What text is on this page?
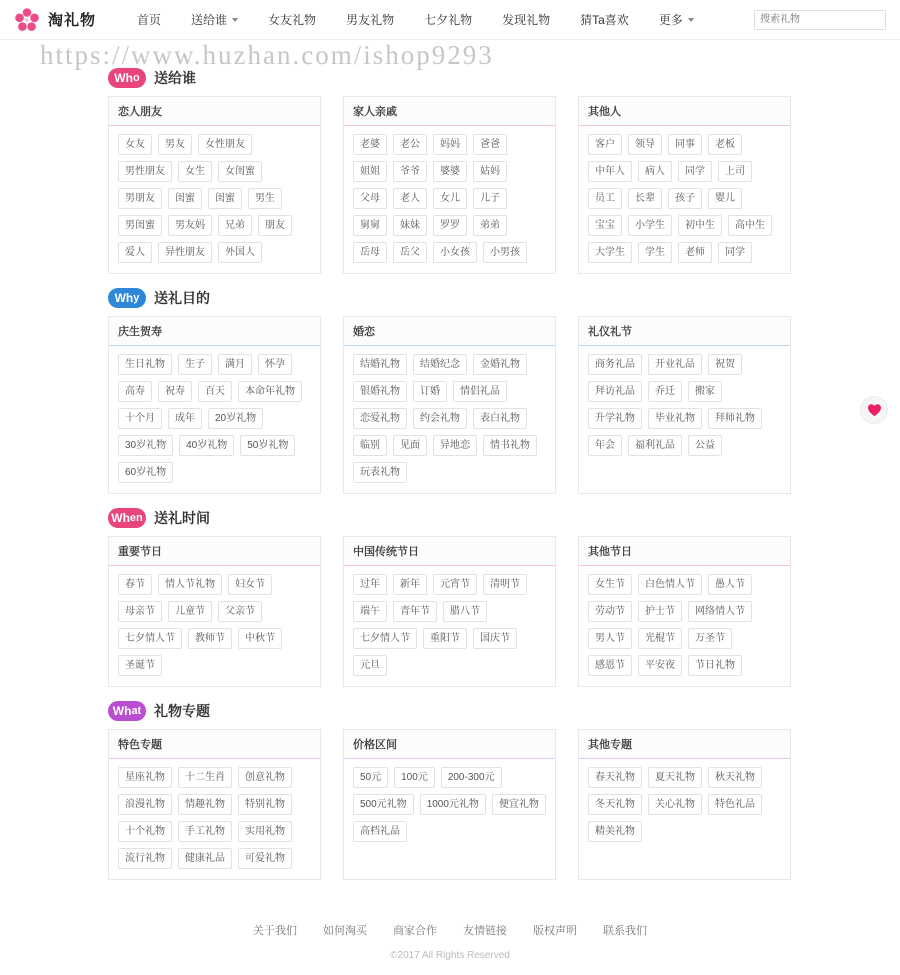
淘礼物	首页	送给谁	女友礼物	男友礼物	七夕礼物	发现礼物	猜Ta喜欢	更多
搜索礼物
https://www.huzhan.com/ishop9293
Wh o 送给谁
恋人朋友
女友	男友	女性朋友
男性朋友	女生	女闺蜜
男朋友	闺蜜	闺蜜	男生
男闺蜜	男友妈	兄弟	朋友
爱人	异性朋友	外国人
家人亲戚
老婆	老公	妈妈	爸爸
姐姐	爷爷	婆婆	姑妈
父母	老人	女儿	儿子
舅舅	妹妹	罗罗	弟弟
岳母	岳父	小女孩	小男孩
其他人
客户	领导	同事	老板
中年人	病人	同学	上司
员工	长辈	孩子	婴儿
宝宝	小学生	初中生	高中生
大学生	学生	老师	同学
Wh y 送礼目的
庆生贺寿
生日礼物	生子	满月	怀孕
高寿	祝寿	百天	本命年礼物
十个月	成年	20岁礼物
30岁礼物	40岁礼物	50岁礼物
60岁礼物
婚恋
结婚礼物	结婚纪念	金婚礼物
银婚礼物	订婚	情侣礼品
恋爱礼物	约会礼物	表白礼物
临别	见面	异地恋	情书礼物
玩表礼物
礼仪礼节
商务礼品	开业礼品	祝贺
拜访礼品	乔迁	搬家
升学礼物	毕业礼物	拜师礼物
年会	福利礼品	公益
Wh en 送礼时间
重要节日
春节	情人节礼物	妇女节
母亲节	儿童节	父亲节
七夕情人节	教师节	中秋节
圣诞节
中国传统节日
过年	新年	元宵节	清明节
端午	青年节	腊八节
七夕情人节	重阳节	国庆节
元旦
其他节日
女生节	白色情人节	愚人节
劳动节	护士节	网络情人节
男人节	光棍节	万圣节
感恩节	平安夜	节日礼物
Wh at 礼物专题
特色专题
星座礼物	十二生肖	创意礼物
浪漫礼物	情趣礼物	特别礼物
十个礼物	手工礼物	实用礼物
流行礼物	健康礼品	可爱礼物
价格区间
50元	100元	200-300元
500元礼物	1000元礼物	便宜礼物
高档礼品
其他专题
春天礼物	夏天礼物	秋天礼物
冬天礼物	关心礼物	特色礼品
精美礼物
关于我们 如何淘买 商家合作 友情链接 版权声明 联系我们
©2017 All Rights Reserved
